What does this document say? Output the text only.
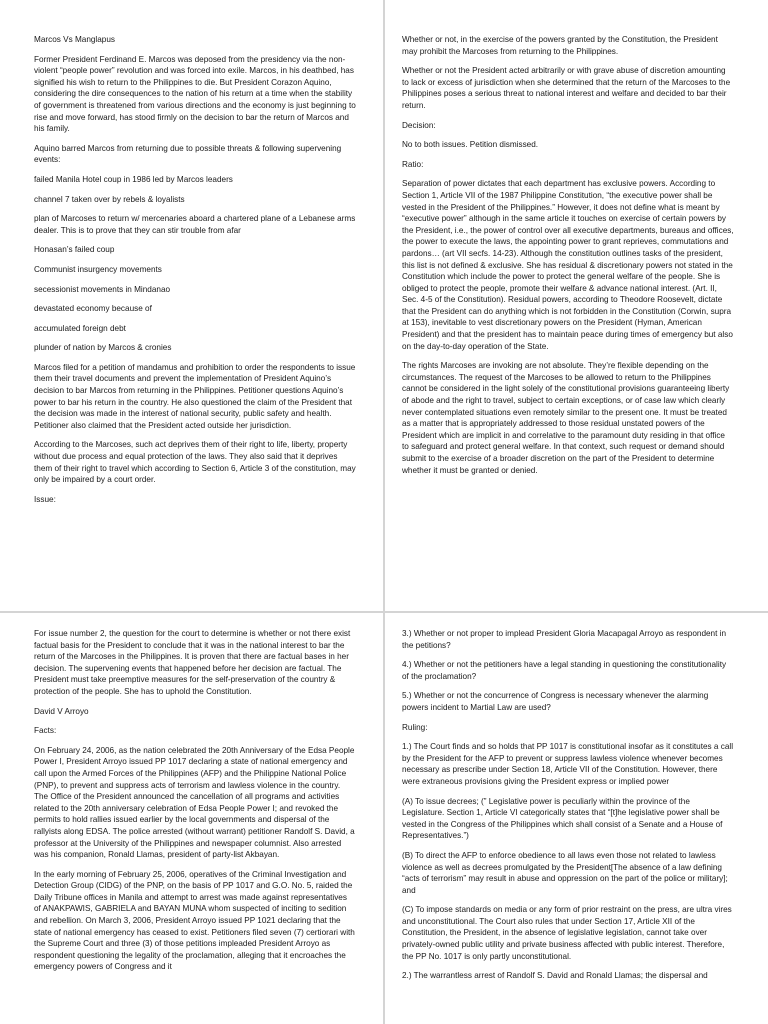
Marcos Vs Manglapus

Former President Ferdinand E. Marcos was deposed from the presidency via the non-violent “people power” revolution and was forced into exile. Marcos, in his deathbed, has signified his wish to return to the Philippines to die. But President Corazon Aquino, considering the dire consequences to the nation of his return at a time when the stability of government is threatened from various directions and the economy is just beginning to rise and move forward, has stood firmly on the decision to bar the return of Marcos and his family.

Aquino barred Marcos from returning due to possible threats & following supervening events:

failed Manila Hotel coup in 1986 led by Marcos leaders

channel 7 taken over by rebels & loyalists

plan of Marcoses to return w/ mercenaries aboard a chartered plane of a Lebanese arms dealer. This is to prove that they can stir trouble from afar

Honasan’s failed coup

Communist insurgency movements

secessionist movements in Mindanao

devastated economy because of

accumulated foreign debt

plunder of nation by Marcos & cronies

Marcos filed for a petition of mandamus and prohibition to order the respondents to issue them their travel documents and prevent the implementation of President Aquino’s decision to bar Marcos from returning in the Philippines. Petitioner questions Aquino’s power to bar his return in the country. He also questioned the claim of the President that the decision was made in the interest of national security, public safety and health. Petitioner also claimed that the President acted outside her jurisdiction.

According to the Marcoses, such act deprives them of their right to life, liberty, property without due process and equal protection of the laws. They also said that it deprives them of their right to travel which according to Section 6, Article 3 of the constitution, may only be impaired by a court order.

Issue:

Whether or not, in the exercise of the powers granted by the Constitution, the President may prohibit the Marcoses from returning to the Philippines.

Whether or not the President acted arbitrarily or with grave abuse of discretion amounting to lack or excess of jurisdiction when she determined that the return of the Marcoses to the Philippines poses a serious threat to national interest and welfare and decided to bar their return.

Decision:

No to both issues. Petition dismissed.

Ratio:

Separation of power dictates that each department has exclusive powers. According to Section 1, Article VII of the 1987 Philippine Constitution, “the executive power shall be vested in the President of the Philippines.” However, it does not define what is meant by “executive power” although in the same article it touches on exercise of certain powers by the President, i.e., the power of control over all executive departments, bureaus and offices, the power to execute the laws, the appointing power to grant reprieves, commutations and pardons… (art VII secfs. 14-23). Although the constitution outlines tasks of the president, this list is not defined & exclusive. She has residual & discretionary powers not stated in the Constitution which include the power to protect the general welfare of the people. She is obliged to protect the people, promote their welfare & advance national interest. (Art. II, Sec. 4-5 of the Constitution). Residual powers, according to Theodore Roosevelt, dictate that the President can do anything which is not forbidden in the Constitution (Corwin, supra at 153), inevitable to vest discretionary powers on the President (Hyman, American President) and that the president has to maintain peace during times of emergency but also on the day-to-day operation of the State.

The rights Marcoses are invoking are not absolute. They’re flexible depending on the circumstances. The request of the Marcoses to be allowed to return to the Philippines cannot be considered in the light solely of the constitutional provisions guaranteeing liberty of abode and the right to travel, subject to certain exceptions, or of case law which clearly never contemplated situations even remotely similar to the present one. It must be treated as a matter that is appropriately addressed to those residual unstated powers of the President which are implicit in and correlative to the paramount duty residing in that office to safeguard and protect general welfare. In that context, such request or demand should submit to the exercise of a broader discretion on the part of the President to determine whether it must be granted or denied.

For issue number 2, the question for the court to determine is whether or not there exist factual basis for the President to conclude that it was in the national interest to bar the return of the Marcoses in the Philippines. It is proven that there are factual bases in her decision. The supervening events that happened before her decision are factual. The President must take preemptive measures for the self-preservation of the country & protection of the people. She has to uphold the Constitution.

David V Arroyo

Facts:

On February 24, 2006, as the nation celebrated the 20th Anniversary of the Edsa People Power I, President Arroyo issued PP 1017 declaring a state of national emergency and call upon the Armed Forces of the Philippines (AFP) and the Philippine National Police (PNP), to prevent and suppress acts of terrorism and lawless violence in the country. The Office of the President announced the cancellation of all programs and activities related to the 20th anniversary celebration of Edsa People Power I; and revoked the permits to hold rallies issued earlier by the local governments and dispersal of the rallyists along EDSA. The police arrested (without warrant) petitioner Randolf S. David, a professor at the University of the Philippines and newspaper columnist. Also arrested was his companion, Ronald Llamas, president of party-list Akbayan.

In the early morning of February 25, 2006, operatives of the Criminal Investigation and Detection Group (CIDG) of the PNP, on the basis of PP 1017 and G.O. No. 5, raided the Daily Tribune offices in Manila and attempt to arrest was made against representatives of ANAKPAWIS, GABRIELA and BAYAN MUNA whom suspected of inciting to sedition and rebellion. On March 3, 2006, President Arroyo issued PP 1021 declaring that the state of national emergency has ceased to exist. Petitioners filed seven (7) certiorari with the Supreme Court and three (3) of those petitions impleaded President Arroyo as respondent questioning the legality of the proclamation, alleging that it encroaches the emergency powers of Congress and it

3.) Whether or not proper to implead President Gloria Macapagal Arroyo as respondent in the petitions?

4.) Whether or not the petitioners have a legal standing in questioning the constitutionality of the proclamation?

5.) Whether or not the concurrence of Congress is necessary whenever the alarming powers incident to Martial Law are used?

Ruling:

1.) The Court finds and so holds that PP 1017 is constitutional insofar as it constitutes a call by the President for the AFP to prevent or suppress lawless violence whenever becomes necessary as prescribe under Section 18, Article VII of the Constitution. However, there were extraneous provisions giving the President express or implied power

(A) To issue decrees; (” Legislative power is peculiarly within the province of the Legislature. Section 1, Article VI categorically states that “[t]he legislative power shall be vested in the Congress of the Philippines which shall consist of a Senate and a House of Representatives.”)

(B) To direct the AFP to enforce obedience to all laws even those not related to lawless violence as well as decrees promulgated by the President[The absence of a law defining “acts of terrorism” may result in abuse and oppression on the part of the police or military]; and

(C) To impose standards on media or any form of prior restraint on the press, are ultra vires and unconstitutional. The Court also rules that under Section 17, Article XII of the Constitution, the President, in the absence of legislative legislation, cannot take over privately-owned public utility and private business affected with public interest. Therefore, the PP No. 1017 is only partly unconstitutional.

2.) The warrantless arrest of Randolf S. David and Ronald Llamas; the dispersal and
